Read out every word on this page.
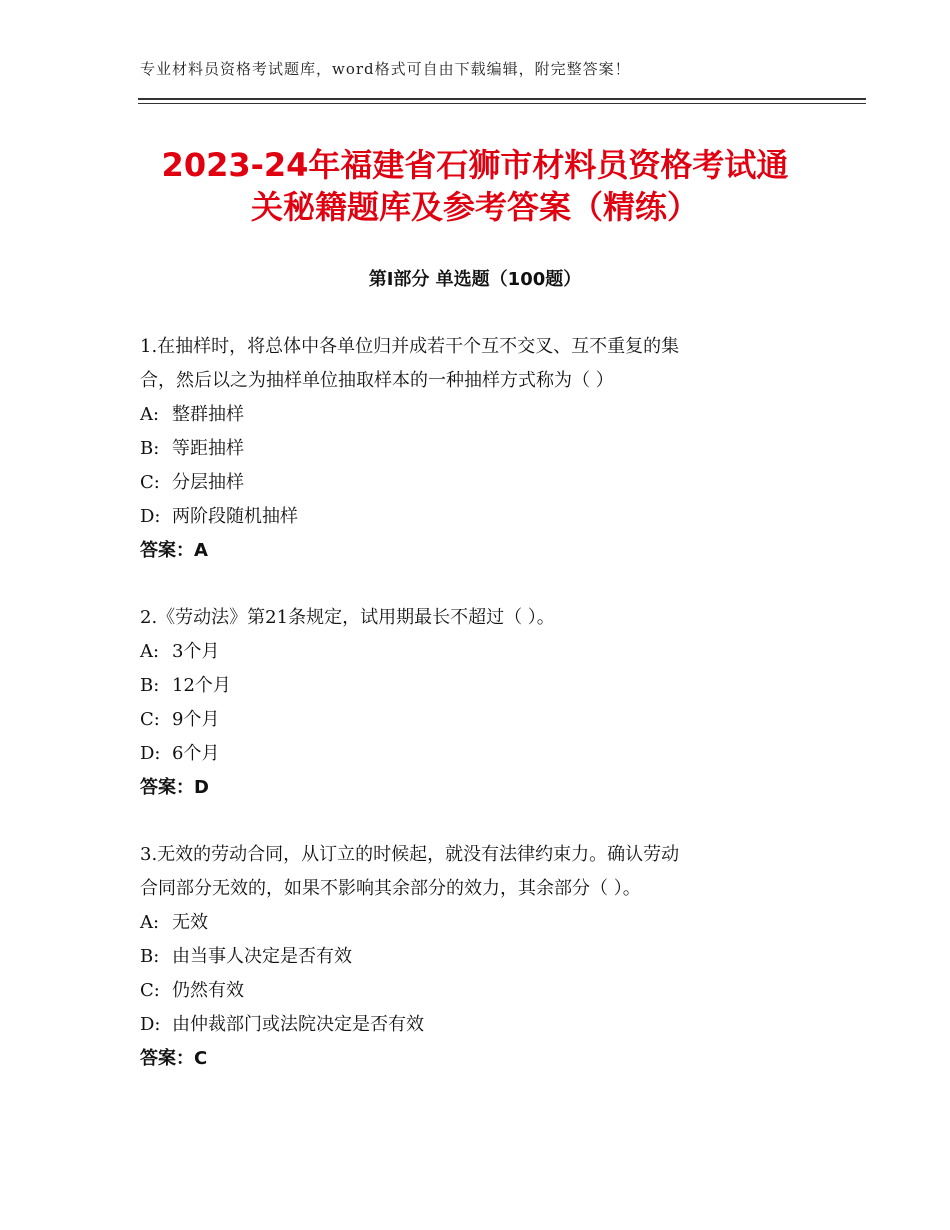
专业材料员资格考试题库，word格式可自由下载编辑，附完整答案！
2023-24年福建省石狮市材料员资格考试通
关秘籍题库及参考答案（精练）
第Ⅰ部分 单选题（100题）
1.在抽样时，将总体中各单位归并成若干个互不交叉、互不重复的集
合，然后以之为抽样单位抽取样本的一种抽样方式称为（ ）
A: 整群抽样
B: 等距抽样
C: 分层抽样
D: 两阶段随机抽样
答案：A
2.《劳动法》第21条规定，试用期最长不超过（ ）。
A: 3个月
B: 12个月
C: 9个月
D: 6个月
答案：D
3.无效的劳动合同，从订立的时候起，就没有法律约束力。确认劳动
合同部分无效的，如果不影响其余部分的效力，其余部分（ ）。
A: 无效
B: 由当事人决定是否有效
C: 仍然有效
D: 由仲裁部门或法院决定是否有效
答案：C
